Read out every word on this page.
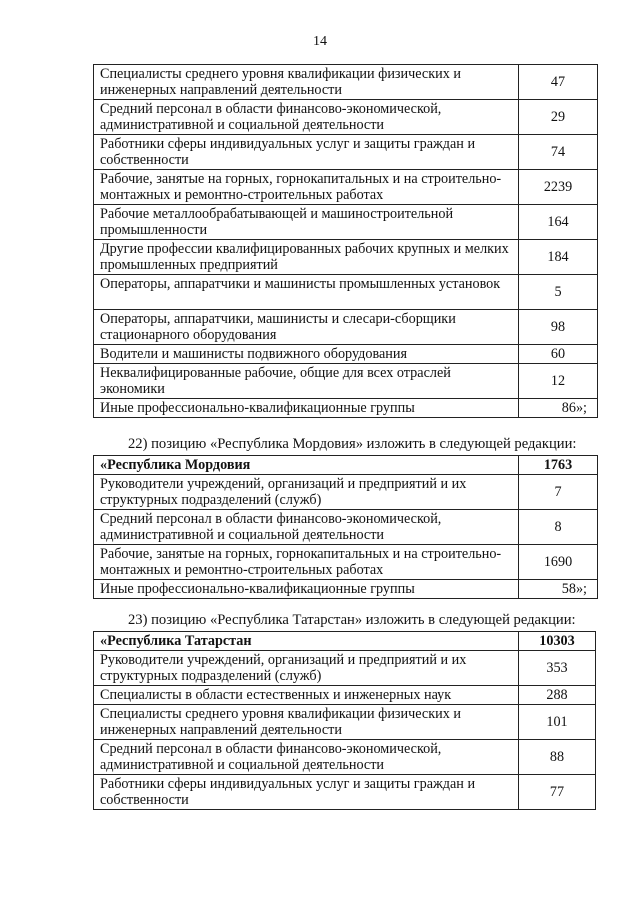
14
Специалисты среднего уровня квалификации физических и инженерных направлений деятельности	47
Средний персонал в области финансово-экономической, административной и социальной деятельности	29
Работники сферы индивидуальных услуг и защиты граждан и собственности	74
Рабочие, занятые на горных, горнокапитальных и на строительно-монтажных и ремонтно-строительных работах	2239
Рабочие металлообрабатывающей и машиностроительной промышленности	164
Другие профессии квалифицированных рабочих крупных и мелких промышленных предприятий	184
Операторы, аппаратчики и машинисты промышленных установок	5
Операторы, аппаратчики, машинисты и слесари-сборщики стационарного оборудования	98
Водители и машинисты подвижного оборудования	60
Неквалифицированные рабочие, общие для всех отраслей экономики	12
Иные профессионально-квалификационные группы	86»;
22) позицию «Республика Мордовия» изложить в следующей редакции:
«Республика Мордовия	1763
Руководители учреждений, организаций и предприятий и их структурных подразделений (служб)	7
Средний персонал в области финансово-экономической, административной и социальной деятельности	8
Рабочие, занятые на горных, горнокапитальных и на строительно-монтажных и ремонтно-строительных работах	1690
Иные профессионально-квалификационные группы	58»;
23) позицию «Республика Татарстан» изложить в следующей редакции:
«Республика Татарстан	10303
Руководители учреждений, организаций и предприятий и их структурных подразделений (служб)	353
Специалисты в области естественных и инженерных наук	288
Специалисты среднего уровня квалификации физических и инженерных направлений деятельности	101
Средний персонал в области финансово-экономической, административной и социальной деятельности	88
Работники сферы индивидуальных услуг и защиты граждан и собственности	77
